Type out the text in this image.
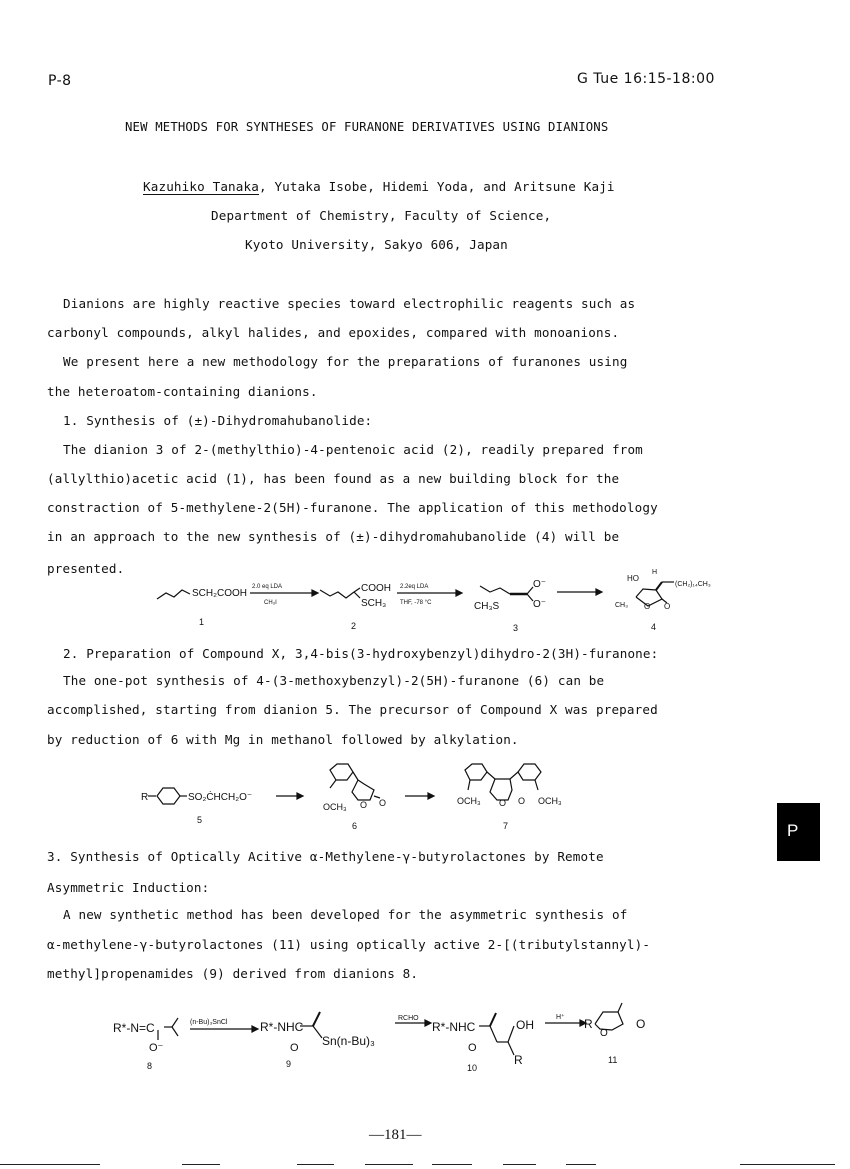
P-8	G Tue 16:15-18:00
NEW METHODS FOR SYNTHESES OF FURANONE DERIVATIVES USING DIANIONS
Kazuhiko Tanaka, Yutaka Isobe, Hidemi Yoda, and Aritsune Kaji
Department of Chemistry, Faculty of Science,
Kyoto University, Sakyo 606, Japan
Dianions are highly reactive species toward electrophilic reagents such as
carbonyl compounds, alkyl halides, and epoxides, compared with monoanions.
We present here a new methodology for the preparations of furanones using
the heteroatom-containing dianions.
1. Synthesis of (±)-Dihydromahubanolide:
The dianion 3 of 2-(methylthio)-4-pentenoic acid (2), readily prepared from
(allylthio)acetic acid (1), has been found as a new building block for the
constraction of 5-methylene-2(5H)-furanone. The application of this methodology
in an approach to the new synthesis of (±)-dihydromahubanolide (4) will be
presented.
SCH₂COOH
2.0 eq LDA
CH₃I
COOH
SCH₃
2.2eq LDA
THF, -78 °C	CH₃S
O⁻
O⁻
HO
H
(CH₂)₁₄CH₃
CH₃ O O
1	2	3	4
2. Preparation of Compound X, 3,4-bis(3-hydroxybenzyl)dihydro-2(3H)-furanone:
The one-pot synthesis of 4-(3-methoxybenzyl)-2(5H)-furanone (6) can be
accomplished, starting from dianion 5. The precursor of Compound X was prepared
by reduction of 6 with Mg in methanol followed by alkylation.
R	SO₂ĊHCH₂O⁻
OCH₃ O O	OCH₃ O O OCH₃
5
6	7
3. Synthesis of Optically Acitive α-Methylene-γ-butyrolactones by Remote
Asymmetric Induction:
A new synthetic method has been developed for the asymmetric synthesis of
α-methylene-γ-butyrolactones (11) using optically active 2-[(tributylstannyl)-
methyl]propenamides (9) derived from dianions 8.
R*-N=C
O⁻
(n-Bu)₃SnCl	R*-NHC
O Sn(n-Bu)₃
RCHO
R*-NHC
O
OH
R
H⁺ R
O
O
8	9	10
11
P
—181—
